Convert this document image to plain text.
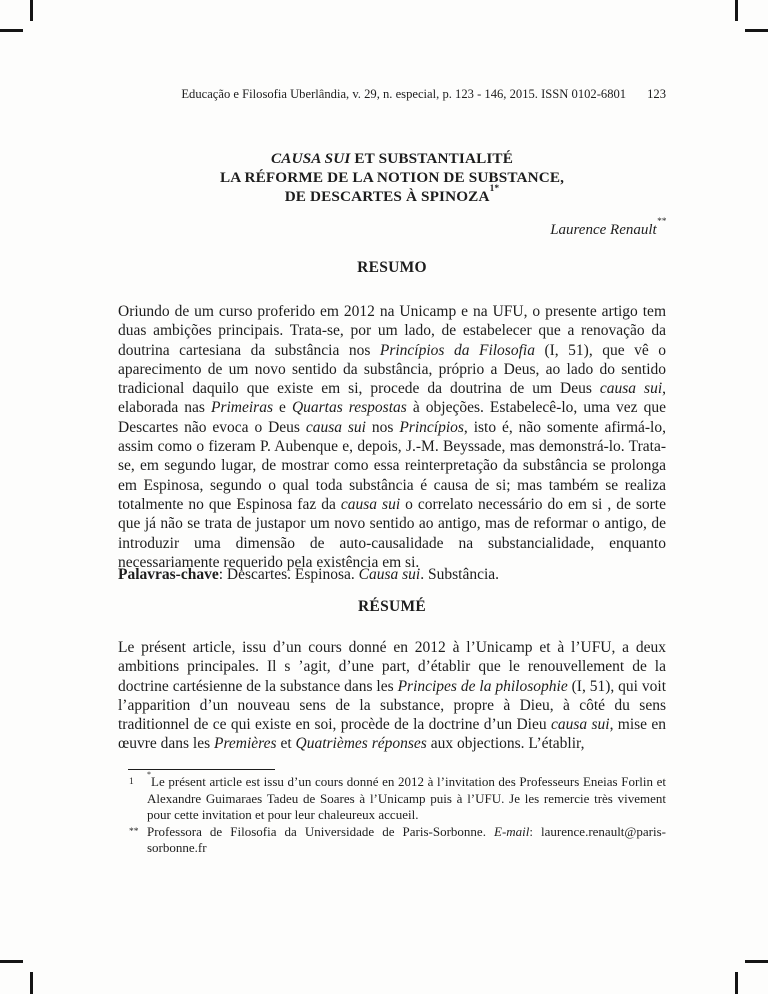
Educação e Filosofia Uberlândia, v. 29, n. especial, p. 123 - 146, 2015. ISSN 0102-6801 123
CAUSA SUI ET SUBSTANTIALITÉ
LA RÉFORME DE LA NOTION DE SUBSTANCE,
DE DESCARTES À $SPINOZA^{1*}$
Laurence Renault**
RESUMO

Oriundo de um curso proferido em 2012 na Unicamp e na UFU, o presente artigo tem duas ambições principais. Trata-se, por um lado, de estabelecer que a renovação da doutrina cartesiana da substância nos Princípios da Filosofia (I, 51), que vê o aparecimento de um novo sentido da substância, próprio a Deus, ao lado do sentido tradicional daquilo que existe em si, procede da doutrina de um Deus causa sui, elaborada nas Primeiras e Quartas respostas à objeções. Estabelecê-lo, uma vez que Descartes não evoca o Deus causa sui nos Princípios, isto é, não somente afirmá-lo, assim como o fizeram P. Aubenque e, depois, J.-M. Beyssade, mas demonstrá-lo. Trata-se, em segundo lugar, de mostrar como essa reinterpretação da substância se prolonga em Espinosa, segundo o qual toda substância é causa de si; mas também se realiza totalmente no que Espinosa faz da causa sui o correlato necessário do em si , de sorte que já não se trata de justapor um novo sentido ao antigo, mas de reformar o antigo, de introduzir uma dimensão de auto-causalidade na substancialidade, enquanto necessariamente requerido pela existência em si.

Palavras-chave: Descartes. Espinosa. Causa sui. Substância.

RÉSUMÉ

Le présent article, issu d’un cours donné en 2012 à l’Unicamp et à l’UFU, a deux ambitions principales. Il s ’agit, d’une part, d’établir que le renouvellement de la doctrine cartésienne de la substance dans les Principes de la philosophie (I, 51), qui voit l’apparition d’un nouveau sens de la substance, propre à Dieu, à côté du sens traditionnel de ce qui existe en soi, procède de la doctrine d’un Dieu causa sui, mise en œuvre dans les Premières et Quatrièmes réponses aux objections. L’établir,

1
*Le présent article est issu d’un cours donné en 2012 à l’invitation des Professeurs Eneias Forlin et Alexandre Guimaraes Tadeu de Soares à l’Unicamp puis à l’UFU. Je les remercie très vivement pour cette invitation et pour leur chaleureux accueil.
** Professora de Filosofia da Universidade de Paris-Sorbonne. E-mail: laurence.renault@​paris-sorbonne.fr
